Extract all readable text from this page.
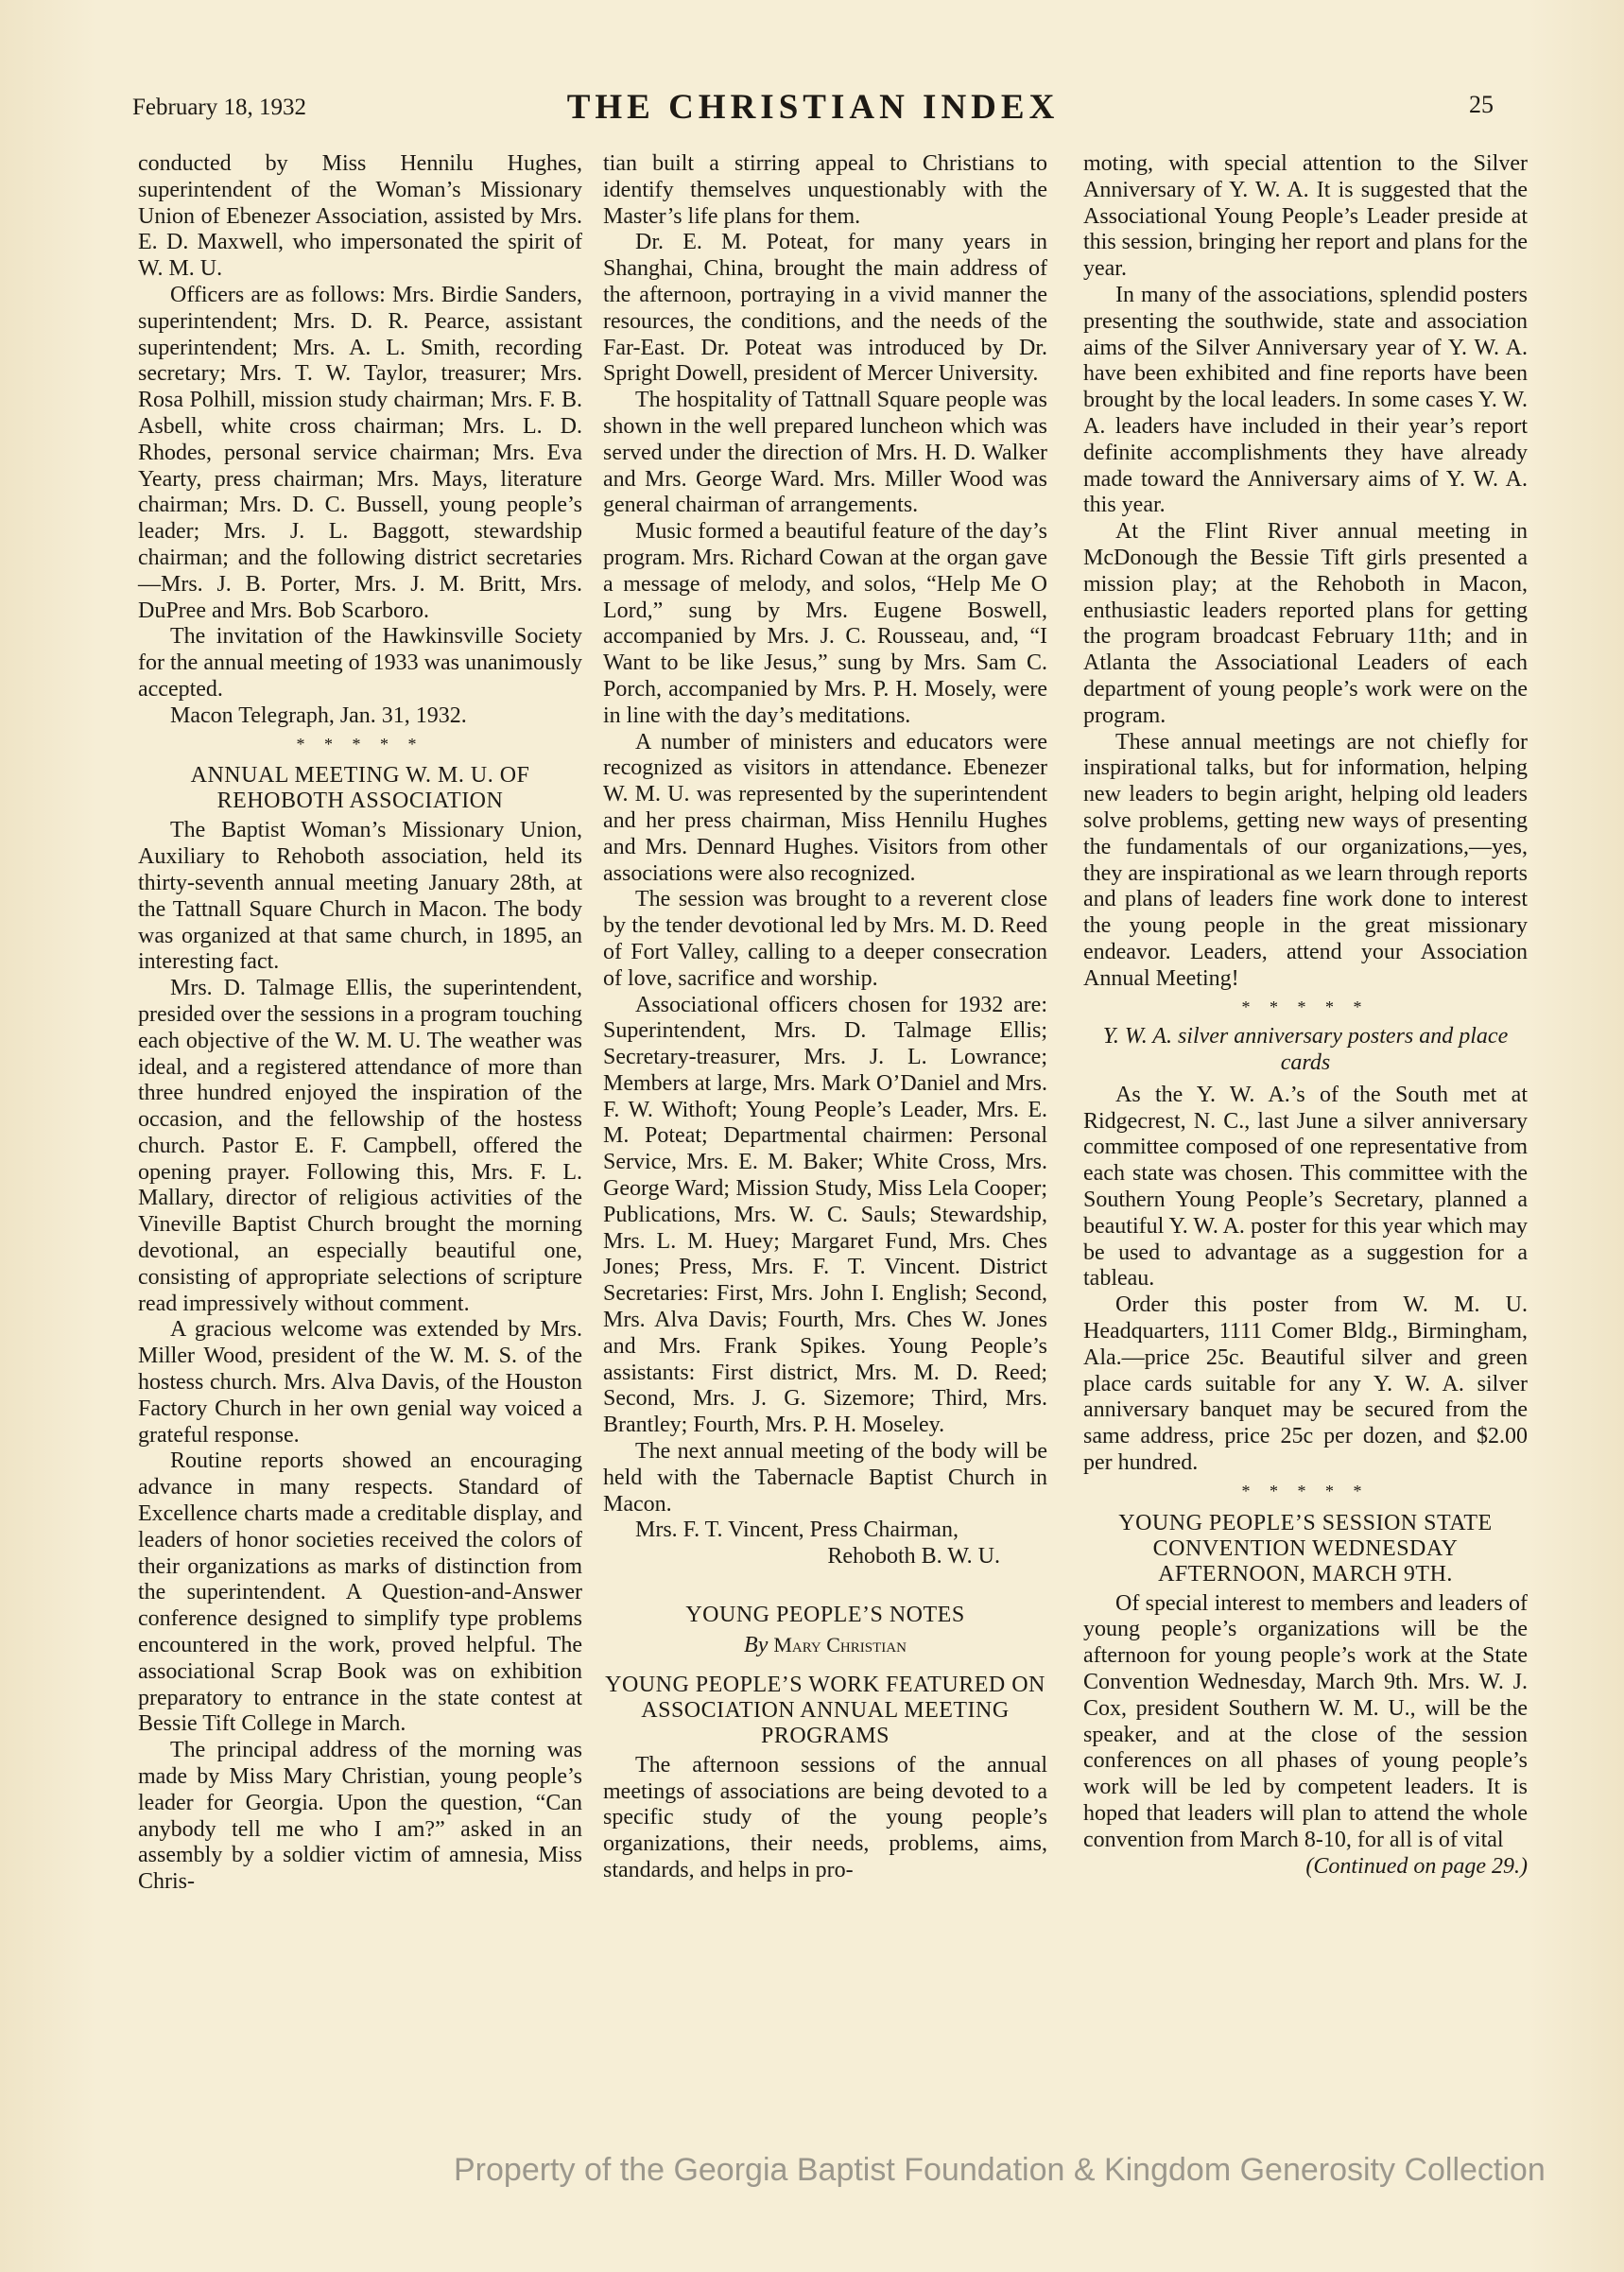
February 18, 1932	THE CHRISTIAN INDEX	25

conducted by Miss Hennilu Hughes, superintendent of the Woman’s Missionary Union of Ebenezer Association, assisted by Mrs. E. D. Maxwell, who impersonated the spirit of W. M. U.

Officers are as follows: Mrs. Birdie Sanders, superintendent; Mrs. D. R. Pearce, assistant superintendent; Mrs. A. L. Smith, recording secretary; Mrs. T. W. Taylor, treasurer; Mrs. Rosa Polhill, mission study chairman; Mrs. F. B. Asbell, white cross chairman; Mrs. L. D. Rhodes, personal service chairman; Mrs. Eva Yearty, press chairman; Mrs. Mays, literature chairman; Mrs. D. C. Bussell, young people’s leader; Mrs. J. L. Baggott, stewardship chairman; and the following district secretaries—Mrs. J. B. Porter, Mrs. J. M. Britt, Mrs. DuPree and Mrs. Bob Scarboro.

The invitation of the Hawkinsville Society for the annual meeting of 1933 was unanimously accepted.

Macon Telegraph, Jan. 31, 1932.

* * * * *
ANNUAL MEETING W. M. U. OF REHOBOTH ASSOCIATION

The Baptist Woman’s Missionary Union, Auxiliary to Rehoboth association, held its thirty-seventh annual meeting January 28th, at the Tattnall Square Church in Macon. The body was organized at that same church, in 1895, an interesting fact.

Mrs. D. Talmage Ellis, the superintendent, presided over the sessions in a program touching each objective of the W. M. U. The weather was ideal, and a registered attendance of more than three hundred enjoyed the inspiration of the occasion, and the fellowship of the hostess church. Pastor E. F. Campbell, offered the opening prayer. Following this, Mrs. F. L. Mallary, director of religious activities of the Vineville Baptist Church brought the morning devotional, an especially beautiful one, consisting of appropriate selections of scripture read impressively without comment.

A gracious welcome was extended by Mrs. Miller Wood, president of the W. M. S. of the hostess church. Mrs. Alva Davis, of the Houston Factory Church in her own genial way voiced a grateful response.

Routine reports showed an encouraging advance in many respects. Standard of Excellence charts made a creditable display, and leaders of honor societies received the colors of their organizations as marks of distinction from the superintendent. A Question-and-Answer conference designed to simplify type problems encountered in the work, proved helpful. The associational Scrap Book was on exhibition preparatory to entrance in the state contest at Bessie Tift College in March.

The principal address of the morning was made by Miss Mary Christian, young people’s leader for Georgia. Upon the question, “Can anybody tell me who I am?” asked in an assembly by a soldier victim of amnesia, Miss Chris-

tian built a stirring appeal to Christians to identify themselves unquestionably with the Master’s life plans for them.

Dr. E. M. Poteat, for many years in Shanghai, China, brought the main address of the afternoon, portraying in a vivid manner the resources, the conditions, and the needs of the Far-East. Dr. Poteat was introduced by Dr. Spright Dowell, president of Mercer University.

The hospitality of Tattnall Square people was shown in the well prepared luncheon which was served under the direction of Mrs. H. D. Walker and Mrs. George Ward. Mrs. Miller Wood was general chairman of arrangements.

Music formed a beautiful feature of the day’s program. Mrs. Richard Cowan at the organ gave a message of melody, and solos, “Help Me O Lord,” sung by Mrs. Eugene Boswell, accompanied by Mrs. J. C. Rousseau, and, “I Want to be like Jesus,” sung by Mrs. Sam C. Porch, accompanied by Mrs. P. H. Mosely, were in line with the day’s meditations.

A number of ministers and educators were recognized as visitors in attendance. Ebenezer W. M. U. was represented by the superintendent and her press chairman, Miss Hennilu Hughes and Mrs. Dennard Hughes. Visitors from other associations were also recognized.

The session was brought to a reverent close by the tender devotional led by Mrs. M. D. Reed of Fort Valley, calling to a deeper consecration of love, sacrifice and worship.

Associational officers chosen for 1932 are: Superintendent, Mrs. D. Talmage Ellis; Secretary-treasurer, Mrs. J. L. Lowrance; Members at large, Mrs. Mark O’Daniel and Mrs. F. W. Withoft; Young People’s Leader, Mrs. E. M. Poteat; Departmental chairmen: Personal Service, Mrs. E. M. Baker; White Cross, Mrs. George Ward; Mission Study, Miss Lela Cooper; Publications, Mrs. W. C. Sauls; Stewardship, Mrs. L. M. Huey; Margaret Fund, Mrs. Ches Jones; Press, Mrs. F. T. Vincent. District Secretaries: First, Mrs. John I. English; Second, Mrs. Alva Davis; Fourth, Mrs. Ches W. Jones and Mrs. Frank Spikes. Young People’s assistants: First district, Mrs. M. D. Reed; Second, Mrs. J. G. Sizemore; Third, Mrs. Brantley; Fourth, Mrs. P. H. Moseley.

The next annual meeting of the body will be held with the Tabernacle Baptist Church in Macon.

Mrs. F. T. Vincent, Press Chairman,

Rehoboth B. W. U.

YOUNG PEOPLE’S NOTES
By Mary Christian
YOUNG PEOPLE’S WORK FEATURED ON ASSOCIATION ANNUAL MEETING PROGRAMS

The afternoon sessions of the annual meetings of associations are being devoted to a specific study of the young people’s organizations, their needs, problems, aims, standards, and helps in pro-

moting, with special attention to the Silver Anniversary of Y. W. A. It is suggested that the Associational Young People’s Leader preside at this session, bringing her report and plans for the year.

In many of the associations, splendid posters presenting the southwide, state and association aims of the Silver Anniversary year of Y. W. A. have been exhibited and fine reports have been brought by the local leaders. In some cases Y. W. A. leaders have included in their year’s report definite accomplishments they have already made toward the Anniversary aims of Y. W. A. this year.

At the Flint River annual meeting in McDonough the Bessie Tift girls presented a mission play; at the Rehoboth in Macon, enthusiastic leaders reported plans for getting the program broadcast February 11th; and in Atlanta the Associational Leaders of each department of young people’s work were on the program.

These annual meetings are not chiefly for inspirational talks, but for information, helping new leaders to begin aright, helping old leaders solve problems, getting new ways of presenting the fundamentals of our organizations,—yes, they are inspirational as we learn through reports and plans of leaders fine work done to interest the young people in the great missionary endeavor. Leaders, attend your Association Annual Meeting!

* * * * *
Y. W. A. silver anniversary posters and place cards

As the Y. W. A.’s of the South met at Ridgecrest, N. C., last June a silver anniversary committee composed of one representative from each state was chosen. This committee with the Southern Young People’s Secretary, planned a beautiful Y. W. A. poster for this year which may be used to advantage as a suggestion for a tableau.

Order this poster from W. M. U. Headquarters, 1111 Comer Bldg., Birmingham, Ala.—price 25c. Beautiful silver and green place cards suitable for any Y. W. A. silver anniversary banquet may be secured from the same address, price 25c per dozen, and $2.00 per hundred.

* * * * *
YOUNG PEOPLE’S SESSION STATE CONVENTION WEDNESDAY AFTERNOON, MARCH 9TH.

Of special interest to members and leaders of young people’s organizations will be the afternoon for young people’s work at the State Convention Wednesday, March 9th. Mrs. W. J. Cox, president Southern W. M. U., will be the speaker, and at the close of the session conferences on all phases of young people’s work will be led by competent leaders. It is hoped that leaders will plan to attend the whole convention from March 8-10, for all is of vital

(Continued on page 29.)

Property of the Georgia Baptist Foundation & Kingdom Generosity Collection
